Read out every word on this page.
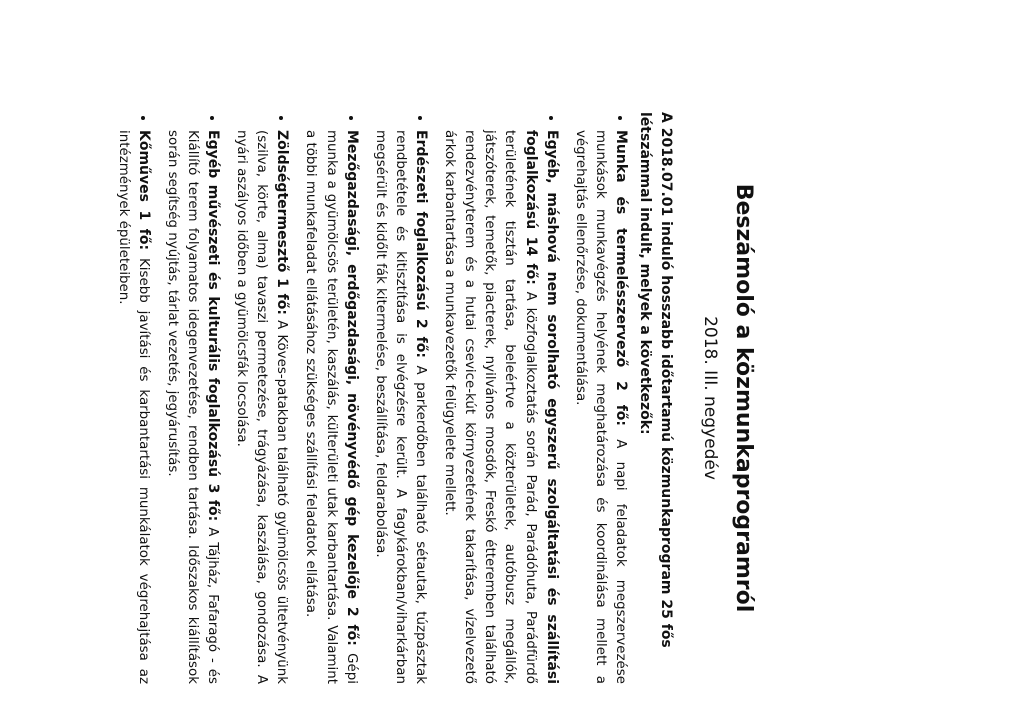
Beszámoló a közmunkaprogramról
2018. III. negyedév

A 2018.07.01 induló hosszabb időtartamú közmunkaprogram 25 fős létszámmal indult, melyek a következők:

• Munka és termelésszervező 2 fő: A napi feladatok megszervezése munkások munkavégzés helyének meghatározása és koordinálása mellett a végrehajtás ellenőrzése, dokumentálása.
• Egyéb, máshová nem sorolható egyszerű szolgáltatási és szállítási foglalkozású 14 fő: A közfoglalkoztatás során Parád, Parádóhuta, Parádfürdő területének tisztán tartása, beleértve a közterületek, autóbusz megállók, játszóterek, temetők, piacterek, nyilvános mosdók, Freskó étteremben található rendezvényterem és a hutai csevice-kút környezetének takarítása, vízelvezető árkok karbantartása a munkavezetők felügyelete mellett.
• Erdészeti foglalkozású 2 fő: A parkerdőben található sétautak, túzpásztak rendbetétele és kitisztítása is elvégzésre került. A fagykárokban/viharkárban megsérült és kidőlt fák kitermelése, beszállítása, feldarabolása.
• Mezőgazdasági, erdőgazdasági, növényvédő gép kezelője 2 fő: Gépi munka a gyümölcsös területén, kaszálás, külterületi utak karbantartása. Valamint a többi munkafeladat ellátásához szükséges szállítási feladatok ellátása.
• Zöldségtermesztő 1 fő: A Köves-patakban található gyümölcsös ültetvényünk (szilva, körte, alma) tavaszi permetezése, trágyázása, kaszálása, gondozása. A nyári aszályos időben a gyümölcsfák locsolása.
• Egyéb művészeti és kulturális foglalkozású 3 fő: A Tájház, Fafaragó - és Kiállító terem folyamatos idegenvezetése, rendben tartása. Időszakos kiállítások során segítség nyújtás, tárlat vezetés, jegyárusítás.
• Kőműves 1 fő: Kisebb javítási és karbantartási munkálatok végrehajtása az intézmények épületeiben.
